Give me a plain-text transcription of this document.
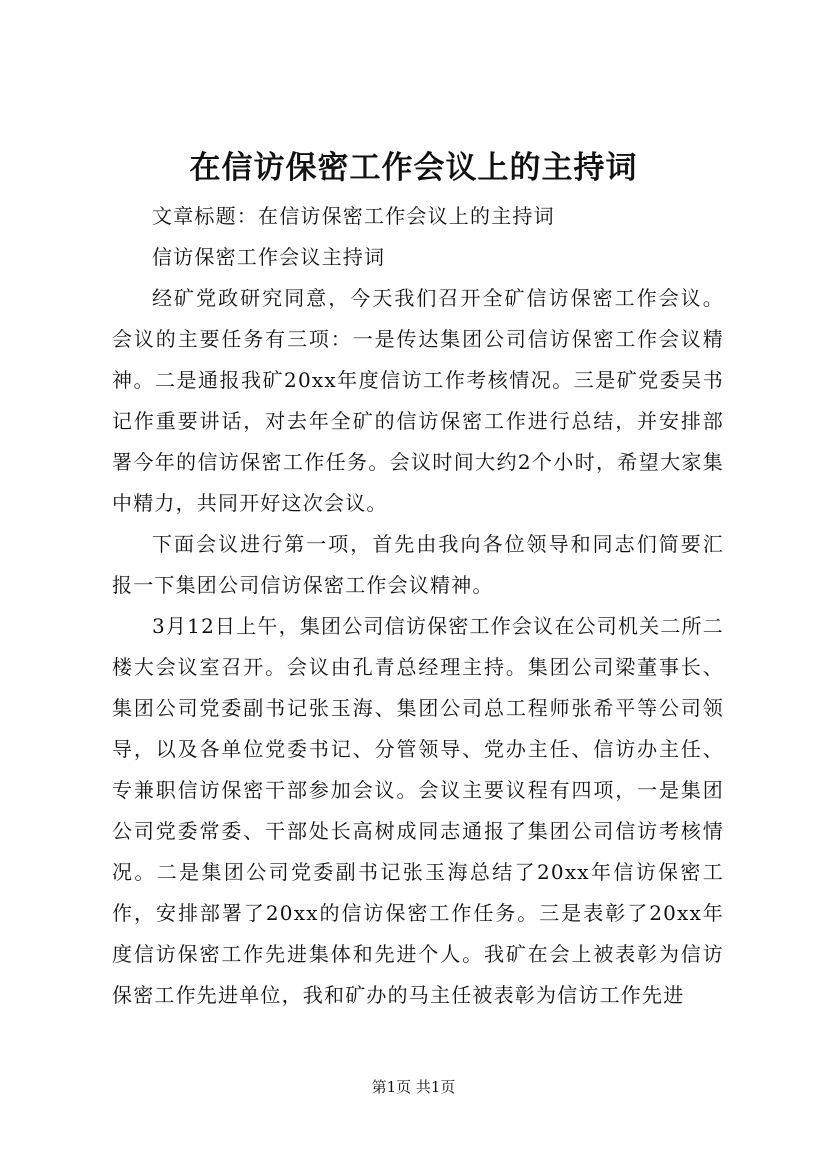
在信访保密工作会议上的主持词

文章标题：在信访保密工作会议上的主持词

信访保密工作会议主持词

经矿党政研究同意，今天我们召开全矿信访保密工作会议。会议的主要任务有三项：一是传达集团公司信访保密工作会议精神。二是通报我矿20xx年度信访工作考核情况。三是矿党委吴书记作重要讲话，对去年全矿的信访保密工作进行总结，并安排部署今年的信访保密工作任务。会议时间大约2个小时，希望大家集中精力，共同开好这次会议。

下面会议进行第一项，首先由我向各位领导和同志们简要汇报一下集团公司信访保密工作会议精神。

3月12日上午，集团公司信访保密工作会议在公司机关二所二楼大会议室召开。会议由孔青总经理主持。集团公司梁董事长、集团公司党委副书记张玉海、集团公司总工程师张希平等公司领导，以及各单位党委书记、分管领导、党办主任、信访办主任、专兼职信访保密干部参加会议。会议主要议程有四项，一是集团公司党委常委、干部处长高树成同志通报了集团公司信访考核情况。二是集团公司党委副书记张玉海总结了20xx年信访保密工作，安排部署了20xx的信访保密工作任务。三是表彰了20xx年度信访保密工作先进集体和先进个人。我矿在会上被表彰为信访保密工作先进单位，我和矿办的马主任被表彰为信访工作先进

第1页 共1页
